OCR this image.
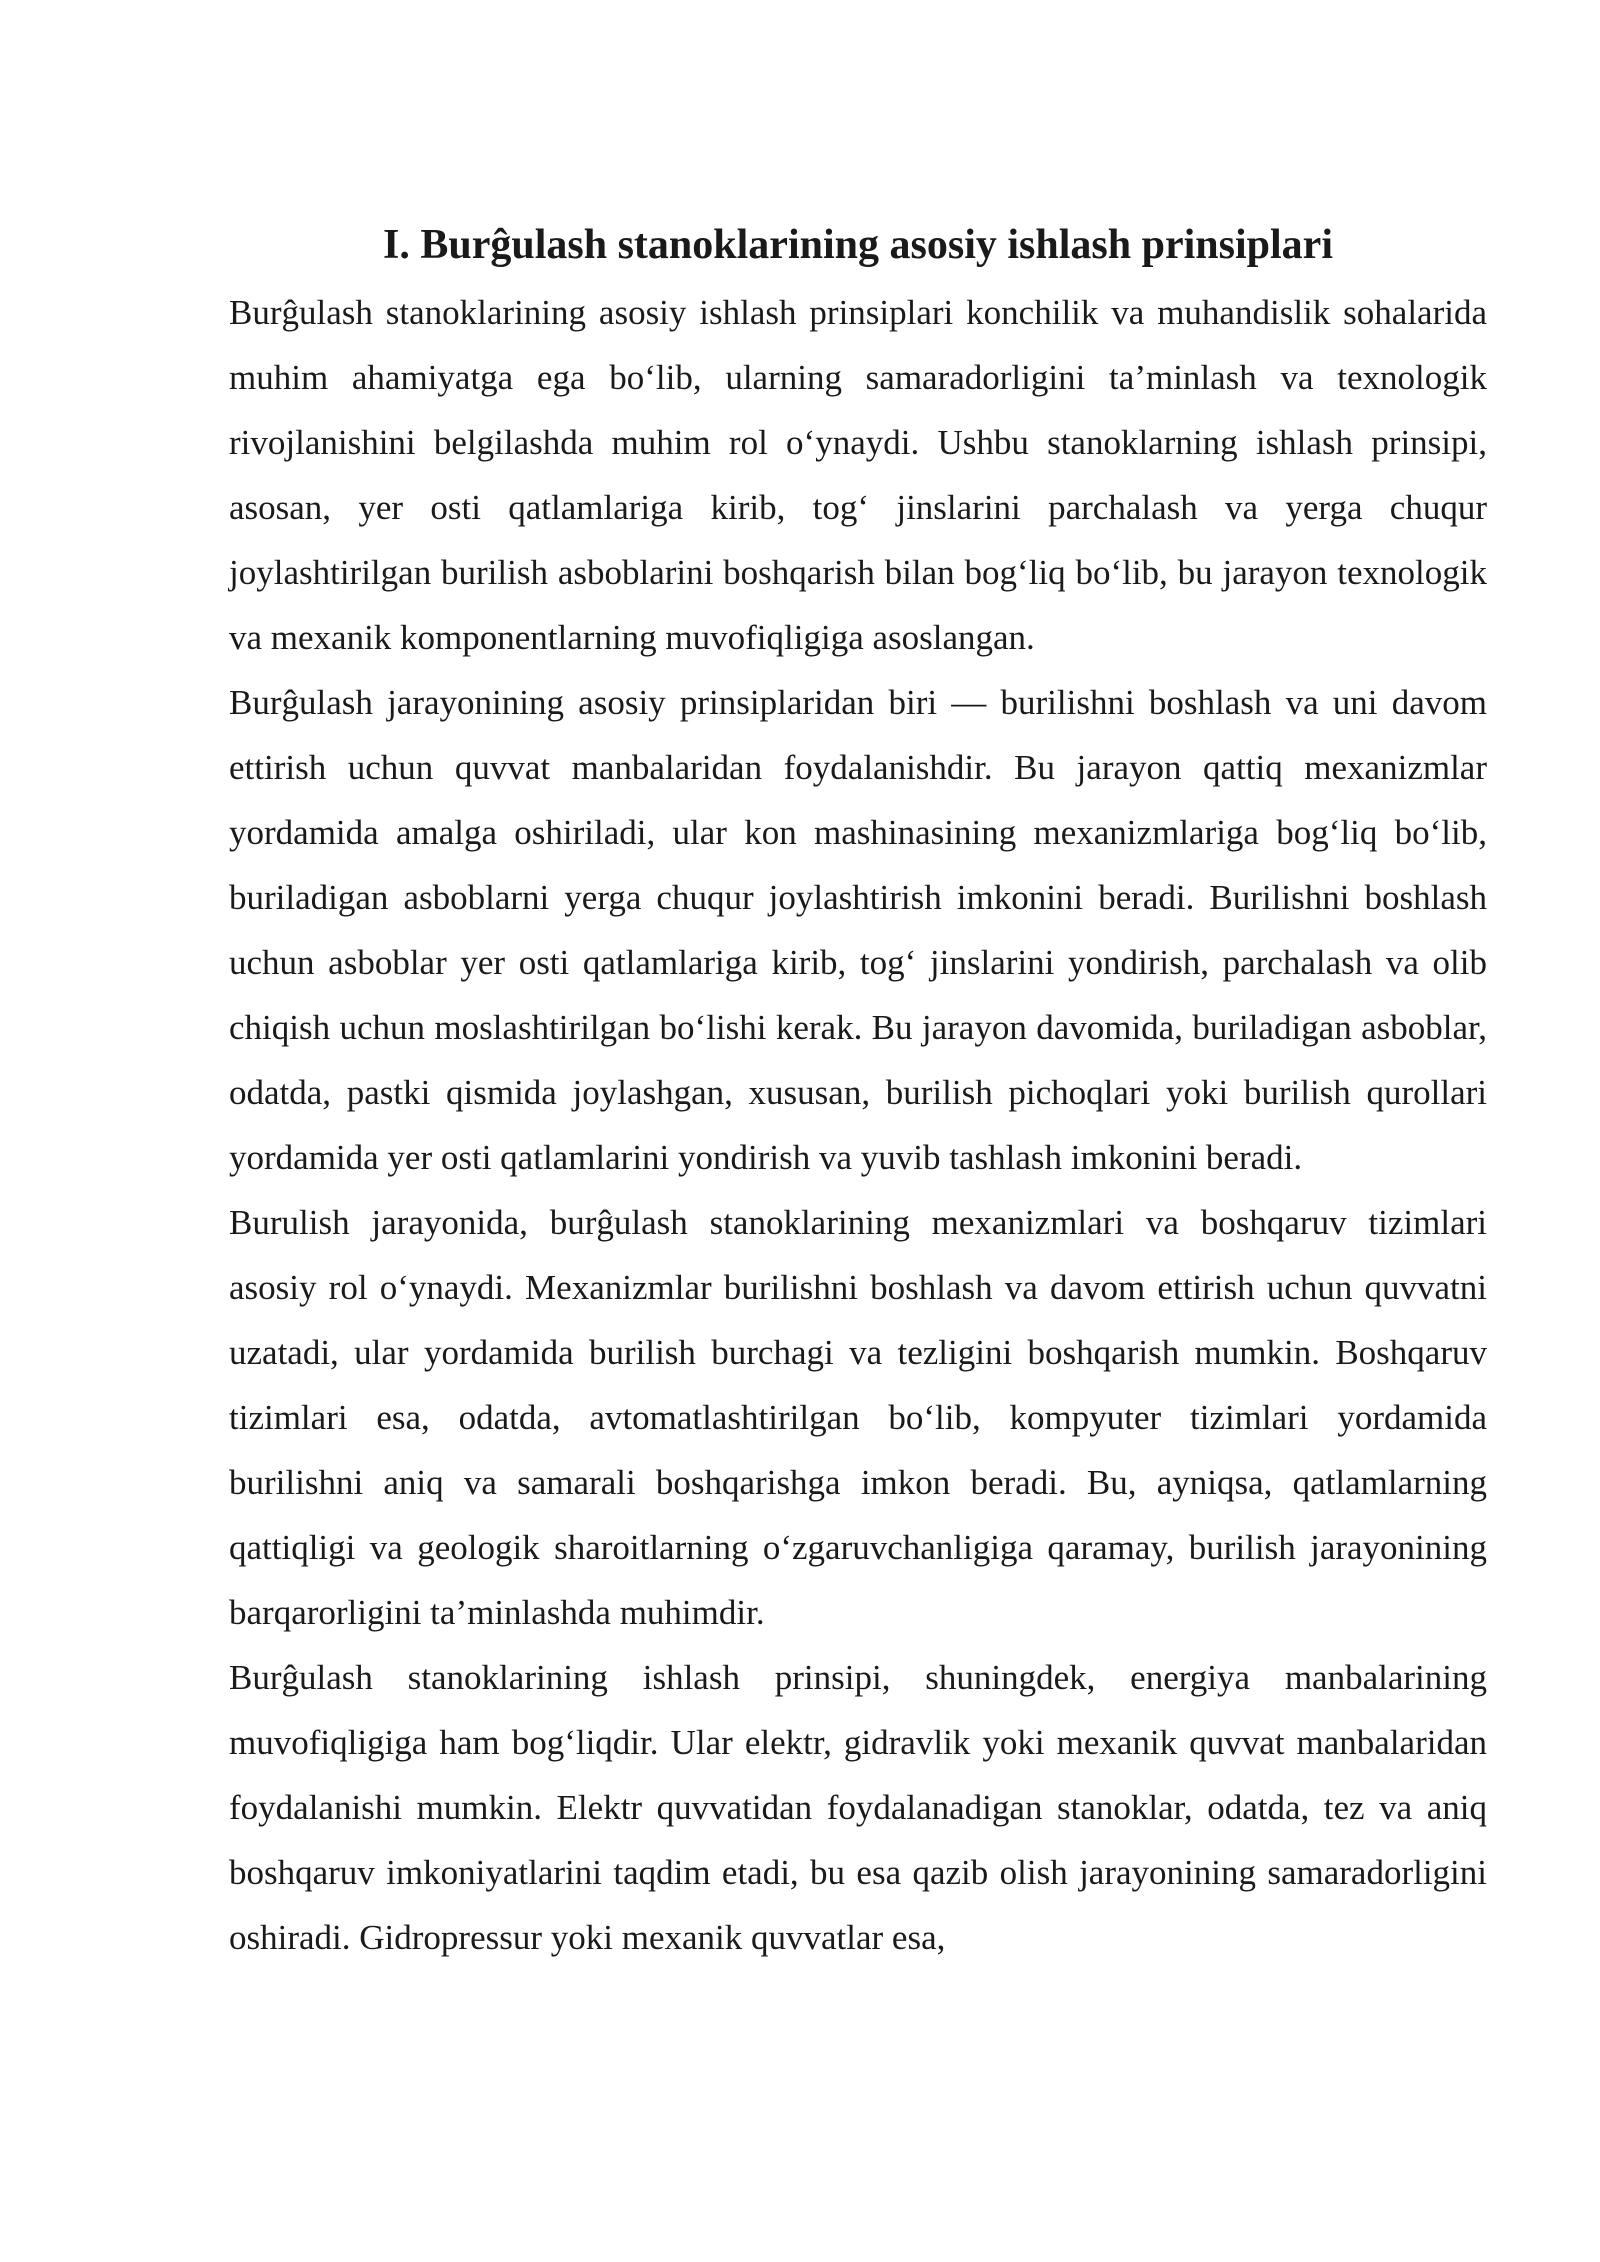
I. Burĝulash stanoklarining asosiy ishlash prinsiplari

Burĝulash stanoklarining asosiy ishlash prinsiplari konchilik va muhandislik sohalarida muhim ahamiyatga ega bo‘lib, ularning samaradorligini ta’minlash va texnologik rivojlanishini belgilashda muhim rol o‘ynaydi. Ushbu stanoklarning ishlash prinsipi, asosan, yer osti qatlamlariga kirib, tog‘ jinslarini parchalash va yerga chuqur joylashtirilgan burilish asboblarini boshqarish bilan bog‘liq bo‘lib, bu jarayon texnologik va mexanik komponentlarning muvofiqligiga asoslangan.

Burĝulash jarayonining asosiy prinsiplaridan biri — burilishni boshlash va uni davom ettirish uchun quvvat manbalaridan foydalanishdir. Bu jarayon qattiq mexanizmlar yordamida amalga oshiriladi, ular kon mashinasining mexanizmlariga bog‘liq bo‘lib, buriladigan asboblarni yerga chuqur joylashtirish imkonini beradi. Burilishni boshlash uchun asboblar yer osti qatlamlariga kirib, tog‘ jinslarini yondirish, parchalash va olib chiqish uchun moslashtirilgan bo‘lishi kerak. Bu jarayon davomida, buriladigan asboblar, odatda, pastki qismida joylashgan, xususan, burilish pichoqlari yoki burilish qurollari yordamida yer osti qatlamlarini yondirish va yuvib tashlash imkonini beradi.

Burulish jarayonida, burĝulash stanoklarining mexanizmlari va boshqaruv tizimlari asosiy rol o‘ynaydi. Mexanizmlar burilishni boshlash va davom ettirish uchun quvvatni uzatadi, ular yordamida burilish burchagi va tezligini boshqarish mumkin. Boshqaruv tizimlari esa, odatda, avtomatlashtirilgan bo‘lib, kompyuter tizimlari yordamida burilishni aniq va samarali boshqarishga imkon beradi. Bu, ayniqsa, qatlamlarning qattiqligi va geologik sharoitlarning o‘zgaruvchanligiga qaramay, burilish jarayonining barqarorligini ta’minlashda muhimdir.

Burĝulash stanoklarining ishlash prinsipi, shuningdek, energiya manbalarining muvofiqligiga ham bog‘liqdir. Ular elektr, gidravlik yoki mexanik quvvat manbalaridan foydalanishi mumkin. Elektr quvvatidan foydalanadigan stanoklar, odatda, tez va aniq boshqaruv imkoniyatlarini taqdim etadi, bu esa qazib olish jarayonining samaradorligini oshiradi. Gidropressur yoki mexanik quvvatlar esa,
